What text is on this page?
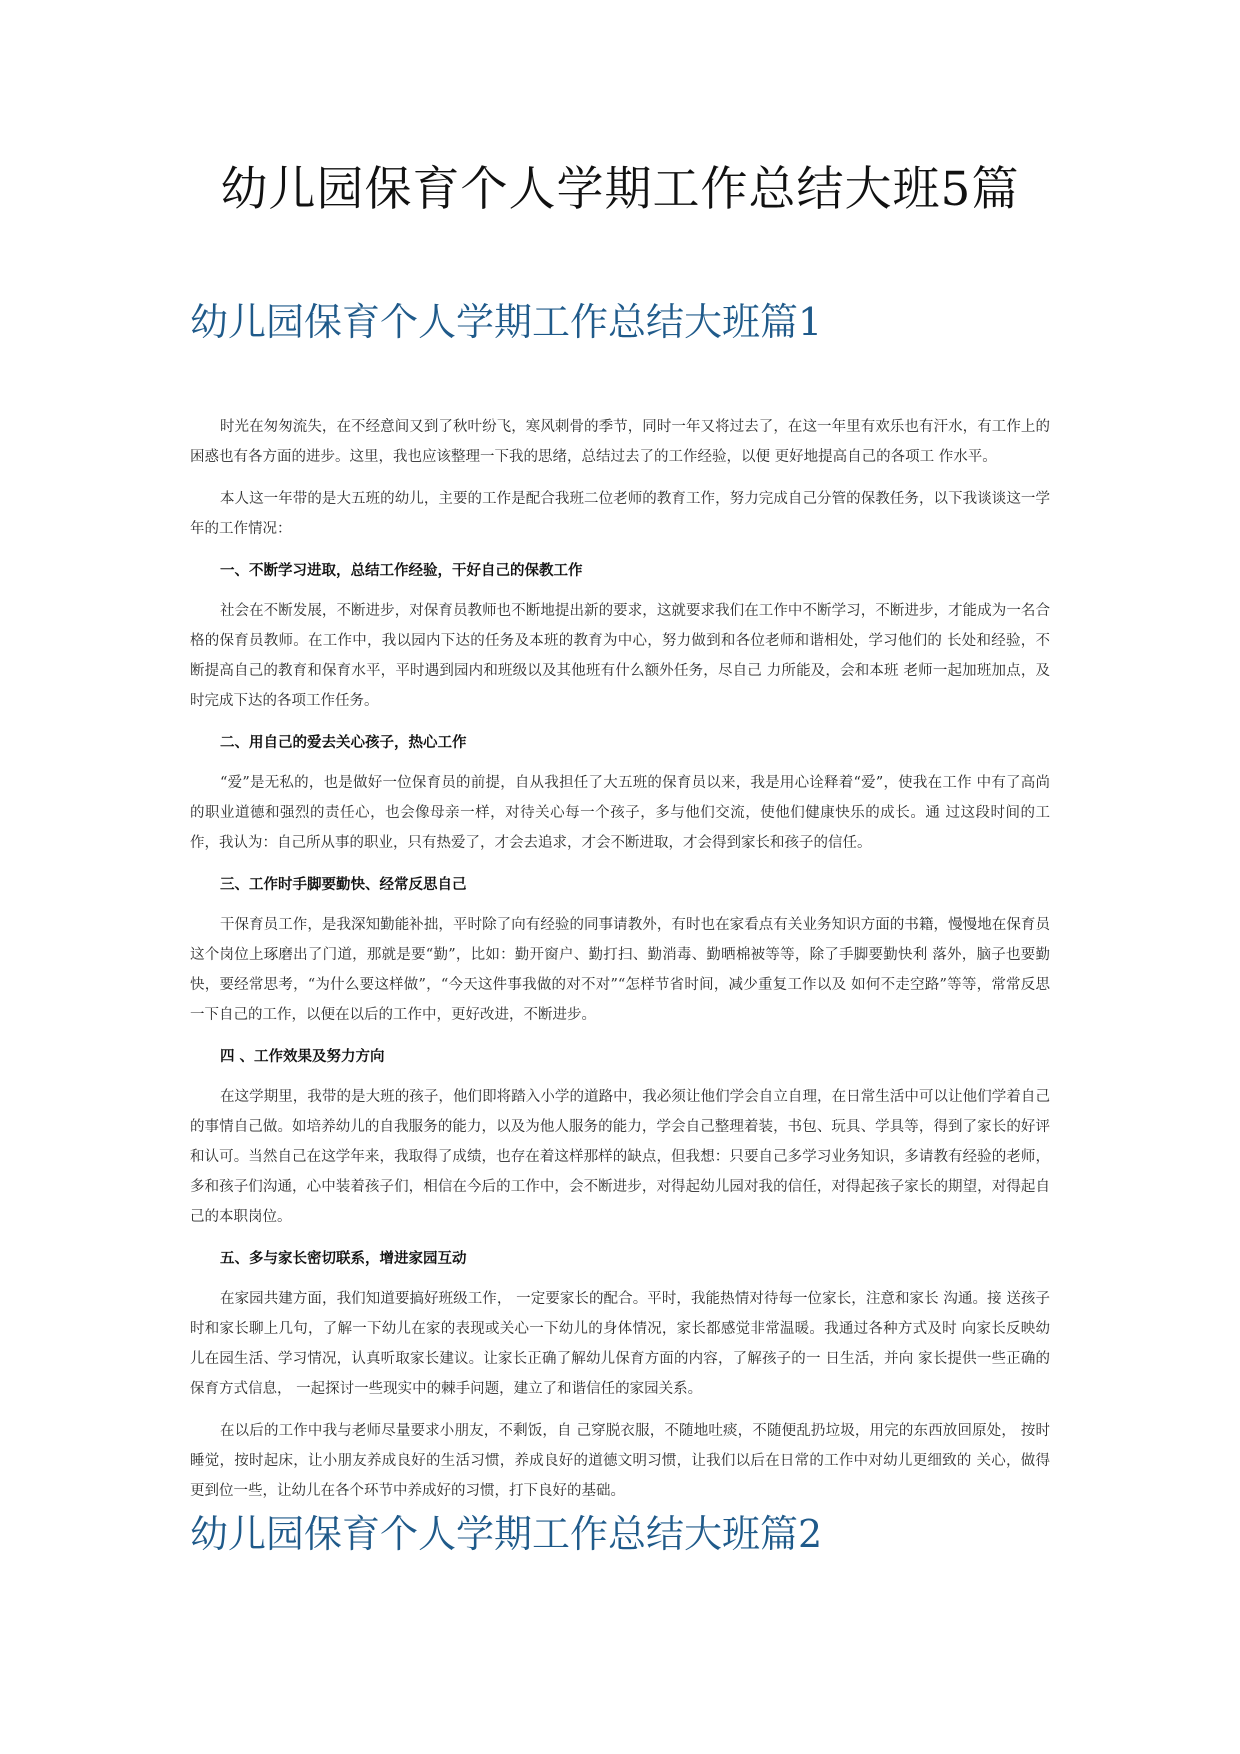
幼儿园保育个人学期工作总结大班5篇
幼儿园保育个人学期工作总结大班篇1

时光在匆匆流失，在不经意间又到了秋叶纷飞，寒风刺骨的季节，同时一年又将过去了，在这一年里有欢乐也有汗水，有工作上的困惑也有各方面的进步。这里，我也应该整理一下我的思绪，总结过去了的工作经验，以便 更好地提高自己的各项工 作水平。

本人这一年带的是大五班的幼儿，主要的工作是配合我班二位老师的教育工作，努力完成自己分管的保教任务，以下我谈谈这一学年的工作情况：

一、不断学习进取，总结工作经验，干好自己的保教工作

社会在不断发展，不断进步，对保育员教师也不断地提出新的要求，这就要求我们在工作中不断学习，不断进步，才能成为一名合格的保育员教师。在工作中，我以园内下达的任务及本班的教育为中心，努力做到和各位老师和谐相处，学习他们的 长处和经验，不断提高自己的教育和保育水平，平时遇到园内和班级以及其他班有什么额外任务，尽自己 力所能及，会和本班 老师一起加班加点，及时完成下达的各项工作任务。

二、用自己的爱去关心孩子，热心工作

“爱”是无私的，也是做好一位保育员的前提，自从我担任了大五班的保育员以来，我是用心诠释着“爱”，使我在工作 中有了高尚的职业道德和强烈的责任心，也会像母亲一样，对待关心每一个孩子，多与他们交流，使他们健康快乐的成长。通 过这段时间的工作，我认为：自己所从事的职业，只有热爱了，才会去追求，才会不断进取，才会得到家长和孩子的信任。

三、工作时手脚要勤快、经常反思自己

干保育员工作，是我深知勤能补拙，平时除了向有经验的同事请教外，有时也在家看点有关业务知识方面的书籍，慢慢地在保育员这个岗位上琢磨出了门道，那就是要“勤”，比如：勤开窗户、勤打扫、勤消毒、勤晒棉被等等，除了手脚要勤快利 落外，脑子也要勤快，要经常思考，“为什么要这样做”，“今天这件事我做的对不对”“怎样节省时间，减少重复工作以及 如何不走空路”等等，常常反思一下自己的工作，以便在以后的工作中，更好改进，不断进步。

四 、工作效果及努力方向

在这学期里，我带的是大班的孩子，他们即将踏入小学的道路中，我必须让他们学会自立自理，在日常生活中可以让他们学着自己的事情自己做。如培养幼儿的自我服务的能力，以及为他人服务的能力，学会自己整理着装，书包、玩具、学具等，得到了家长的好评和认可。当然自己在这学年来，我取得了成绩，也存在着这样那样的缺点，但我想：只要自己多学习业务知识，多请教有经验的老师，多和孩子们沟通，心中装着孩子们，相信在今后的工作中，会不断进步，对得起幼儿园对我的信任，对得起孩子家长的期望，对得起自己的本职岗位。

五、多与家长密切联系，增进家园互动

在家园共建方面，我们知道要搞好班级工作， 一定要家长的配合。平时，我能热情对待每一位家长，注意和家长 沟通。接 送孩子时和家长聊上几句，了解一下幼儿在家的表现或关心一下幼儿的身体情况，家长都感觉非常温暖。我通过各种方式及时 向家长反映幼儿在园生活、学习情况，认真听取家长建议。让家长正确了解幼儿保育方面的内容，了解孩子的一 日生活，并向 家长提供一些正确的保育方式信息， 一起探讨一些现实中的棘手问题，建立了和谐信任的家园关系。

在以后的工作中我与老师尽量要求小朋友，不剩饭，自 己穿脱衣服，不随地吐痰，不随便乱扔垃圾，用完的东西放回原处， 按时睡觉，按时起床，让小朋友养成良好的生活习惯，养成良好的道德文明习惯，让我们以后在日常的工作中对幼儿更细致的 关心，做得更到位一些，让幼儿在各个环节中养成好的习惯，打下良好的基础。

幼儿园保育个人学期工作总结大班篇2
